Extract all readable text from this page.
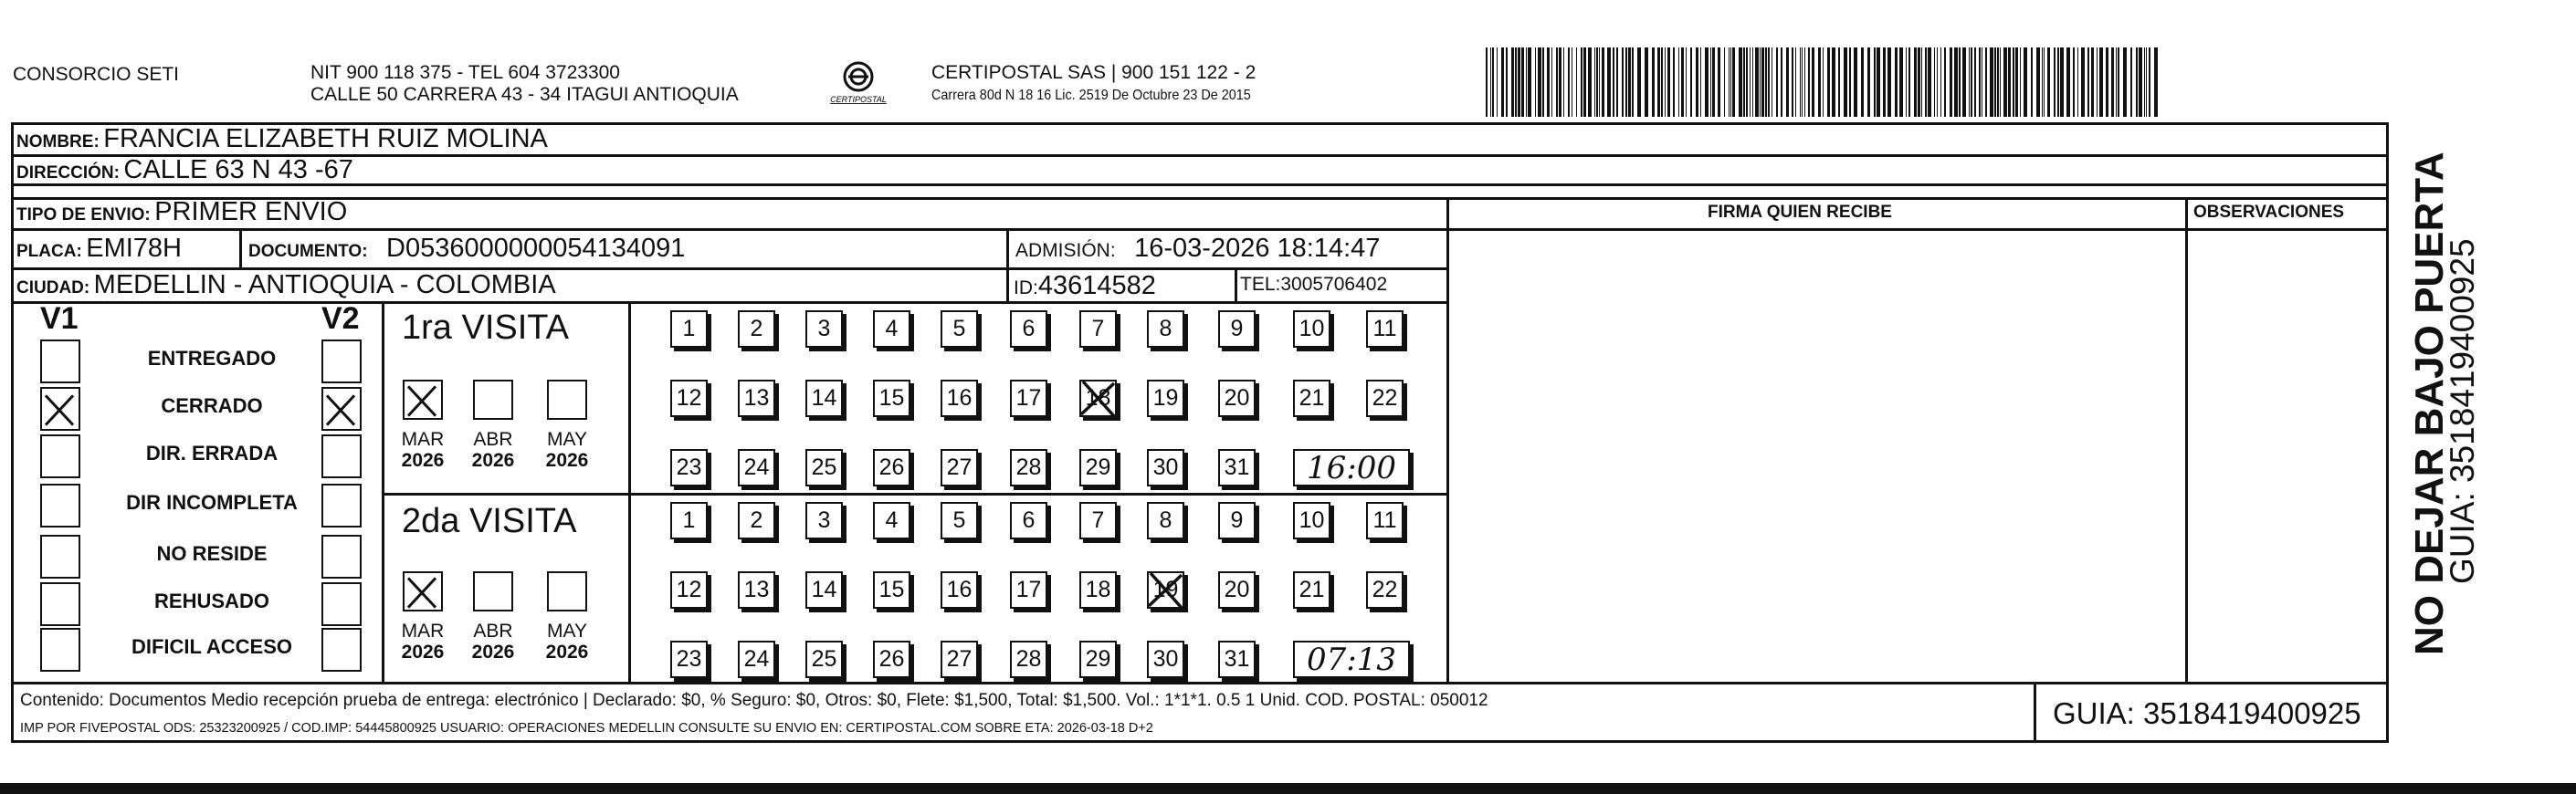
CONSORCIO SETI	NIT 900 118 375 - TEL 604 3723300
CALLE 50 CARRERA 43 - 34 ITAGUI ANTIOQUIA	CERTIPOSTAL
CERTIPOSTAL SAS | 900 151 122 - 2
Carrera 80d N 18 16 Lic. 2519 De Octubre 23 De 2015
FIRMA QUIEN RECIBE	OBSERVACIONES
NOMBRE: FRANCIA ELIZABETH RUIZ MOLINA
DIRECCIÓN: CALLE 63 N 43 -67
TIPO DE ENVIO: PRIMER ENVIO
PLACA: EMI78H	DOCUMENTO: D0536000000054134091	ADMISIÓN: 16-03-2026 18:14:47
CIUDAD: MEDELLIN - ANTIOQUIA - COLOMBIA	ID:43614582	TEL:3005706402
V1	V2
ENTREGADO
CERRADO
DIR. ERRADA
DIR INCOMPLETA
NO RESIDE
REHUSADO
DIFICIL ACCESO
1ra VISITA
2da VISITA
MAR
2026
ABR
2026
MAY
2026
1 2 3 4 5 6 7 8	9 10 11
12 13 14 15 16 17 18 19 20 21 22
23 24 25 26 27 28 29 30 31 16:00
MAR
2026
ABR
2026
MAY
2026
1 2 3 4 5 6 7 8	9 10 11
12 13 14 15 16 17 18 19 20 21 22
23 24 25 26 27 28 29 30 31 07:13
Contenido: Documentos Medio recepción prueba de entrega: electrónico | Declarado: $0, % Seguro: $0, Otros: $0, Flete: $1,500, Total: $1,500. Vol.: 1*1*1. 0.5 1 Unid. COD. POSTAL: 050012
IMP POR FIVEPOSTAL ODS: 25323200925 / COD.IMP: 54445800925 USUARIO: OPERACIONES MEDELLIN CONSULTE SU ENVIO EN: CERTIPOSTAL.COM SOBRE ETA: 2026-03-18 D+2	GUIA: 3518419400925
NO DEJAR BAJO PUERTA
GUIA: 3518419400925
